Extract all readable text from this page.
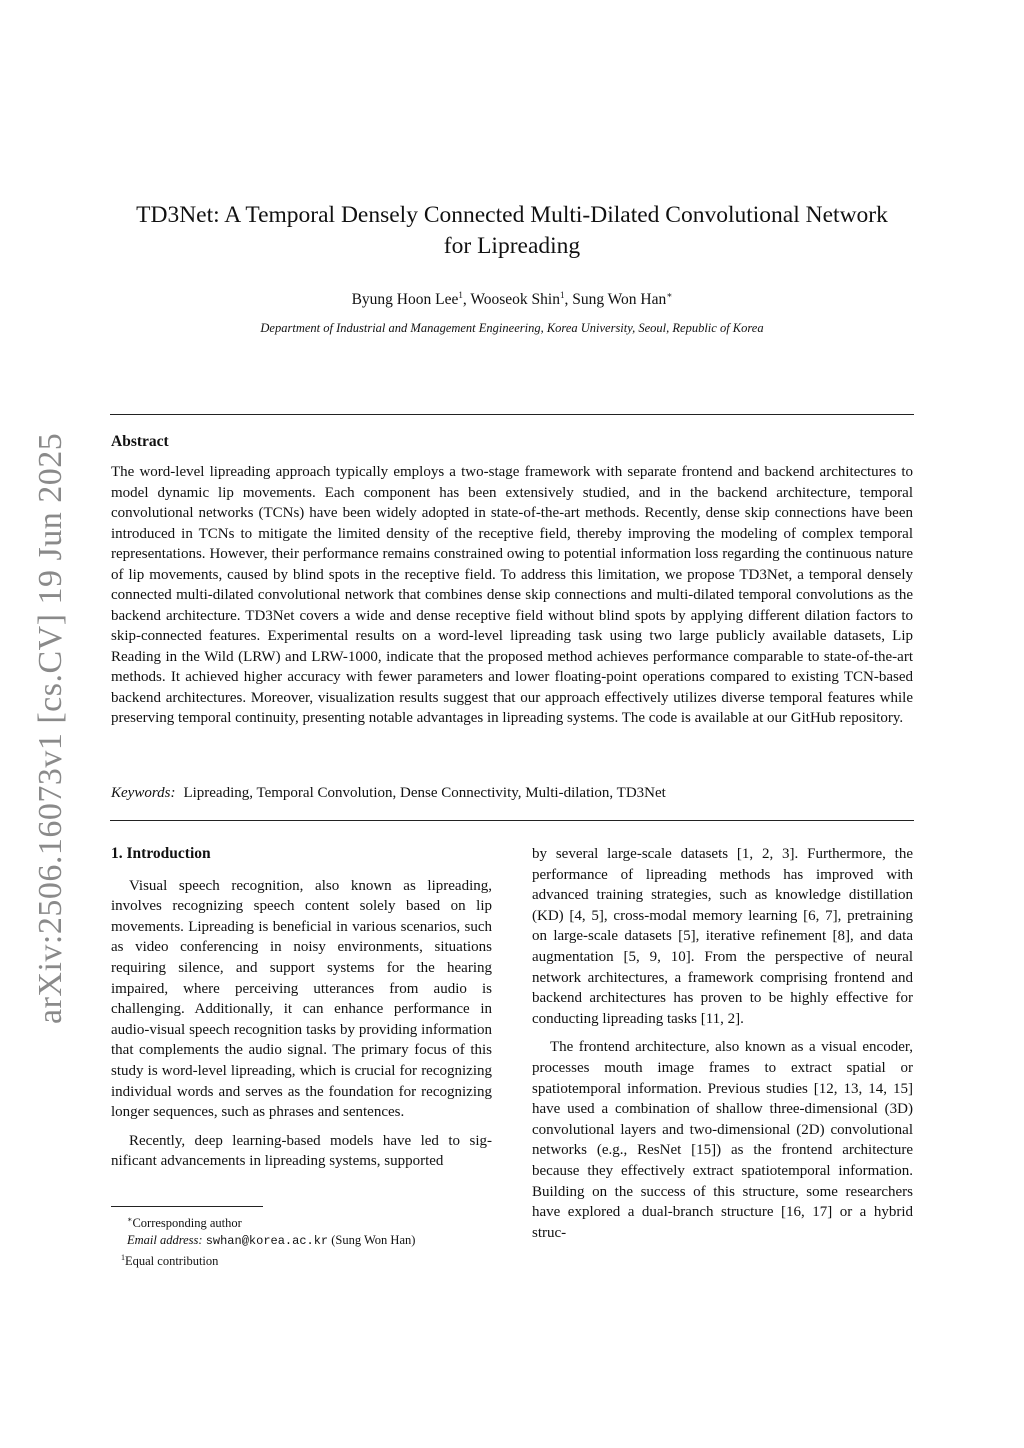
arXiv:2506.16073v1 [cs.CV] 19 Jun 2025
TD3Net: A Temporal Densely Connected Multi-Dilated Convolutional Network
for Lipreading
Byung Hoon Lee$^1$, Wooseok Shin$^1$, Sung Won Han∗
Department of Industrial and Management Engineering, Korea University, Seoul, Republic of Korea
Abstract
The word-level lipreading approach typically employs a two-stage framework with separate frontend and backend architectures to model dynamic lip movements. Each component has been extensively studied, and in the backend architecture, temporal convolutional networks (TCNs) have been widely adopted in state-of-the-art methods. Recently, dense skip connections have been introduced in TCNs to mitigate the limited density of the receptive field, thereby improving the modeling of complex temporal representations. However, their performance remains constrained owing to potential information loss regarding the continuous nature of lip movements, caused by blind spots in the receptive field. To address this limitation, we propose TD3Net, a temporal densely connected multi-dilated convolutional network that combines dense skip connections and multi-dilated temporal convolutions as the backend architecture. TD3Net covers a wide and dense receptive field without blind spots by applying different dilation factors to skip-connected features. Experimental results on a word-level lipreading task using two large publicly available datasets, Lip Reading in the Wild (LRW) and LRW-1000, indicate that the proposed method achieves performance comparable to state-of-the-art methods. It achieved higher accuracy with fewer parameters and lower floating-point operations compared to existing TCN-based backend architectures. Moreover, visualization results suggest that our approach effectively utilizes diverse temporal features while preserving temporal continuity, presenting notable advantages in lipreading systems. The code is available at our GitHub repository.
Keywords: Lipreading, Temporal Convolution, Dense Connectivity, Multi-dilation, TD3Net
1. Introduction

Visual speech recognition, also known as lipreading, involves recognizing speech content solely based on lip movements. Lipreading is beneficial in various scenarios, such as video conferencing in noisy environments, situations requiring silence, and support systems for the hearing impaired, where perceiving utterances from audio is challenging. Additionally, it can enhance performance in audio-visual speech recognition tasks by providing information that complements the audio signal. The primary focus of this study is word-level lipreading, which is crucial for recognizing individual words and serves as the foundation for recognizing longer sequences, such as phrases and sentences.

Recently, deep learning-based models have led to significant advancements in lipreading systems, supported

by several large-scale datasets [1, 2, 3]. Furthermore, the performance of lipreading methods has improved with advanced training strategies, such as knowledge distillation (KD) [4, 5], cross-modal memory learning [6, 7], pretraining on large-scale datasets [5], iterative refinement [8], and data augmentation [5, 9, 10]. From the perspective of neural network architectures, a framework comprising frontend and backend architectures has proven to be highly effective for conducting lipreading tasks [11, 2].

The frontend architecture, also known as a visual encoder, processes mouth image frames to extract spatial or spatiotemporal information. Previous studies [12, 13, 14, 15] have used a combination of shallow three-dimensional (3D) convolutional layers and two-dimensional (2D) convolutional networks (e.g., ResNet [15]) as the frontend architecture because they effectively extract spatiotemporal information. Building on the success of this structure, some researchers have explored a dual-branch structure [16, 17] or a hybrid struc-

∗Corresponding author
Email address: swhan@korea.ac.kr (Sung Won Han)
$^1$Equal contribution
